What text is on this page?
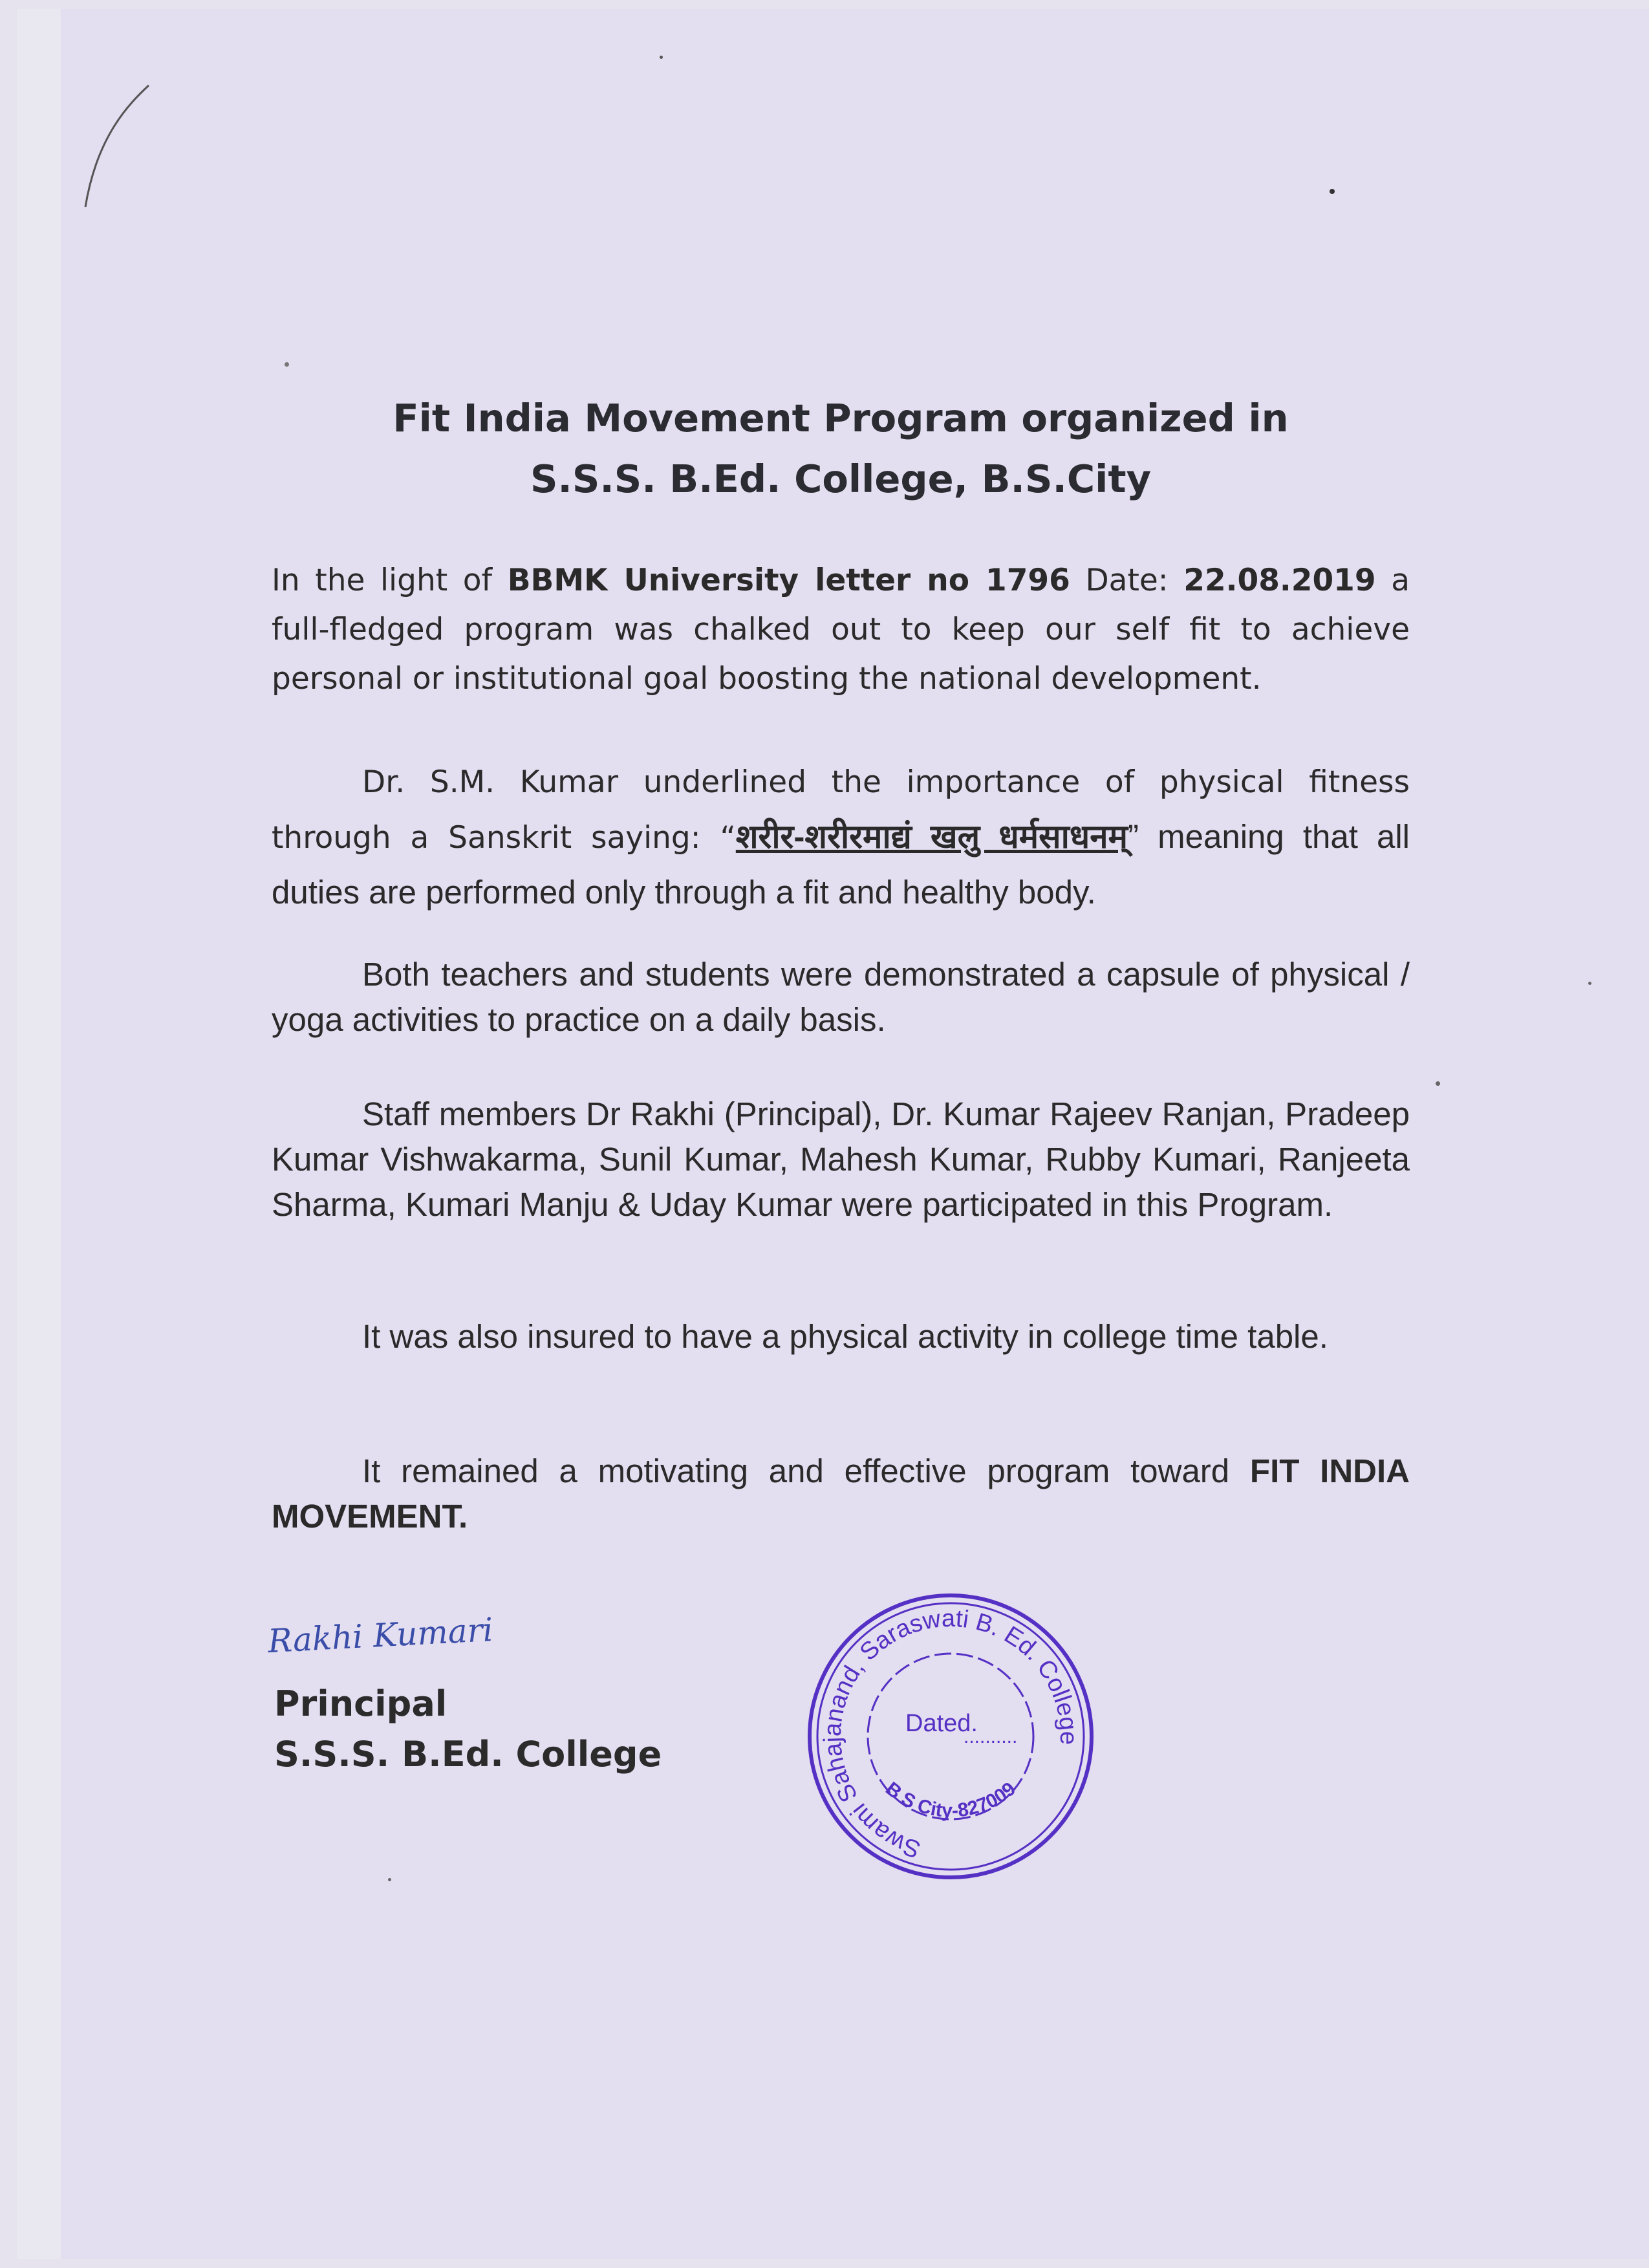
Fit India Movement Program organized in
S.S.S. B.Ed. College, B.S.City

In the light of BBMK University letter no 1796 Date: 22.08.2019 a full-fledged program was chalked out to keep our self fit to achieve personal or institutional goal boosting the national development.

Dr. S.M. Kumar underlined the importance of physical fitness through a Sanskrit saying: “शरीर-शरीरमाद्यं खलु धर्मसाधनम्” meaning that all duties are performed only through a fit and healthy body.

Both teachers and students were demonstrated a capsule of physical / yoga activities to practice on a daily basis.

Staff members Dr Rakhi (Principal), Dr. Kumar Rajeev Ranjan, Pradeep Kumar Vishwakarma, Sunil Kumar, Mahesh Kumar, Rubby Kumari, Ranjeeta Sharma, Kumari Manju & Uday Kumar were participated in this Program.

It was also insured to have a physical activity in college time table.

It remained a motivating and effective program toward FIT INDIA MOVEMENT.

Rakhi Kumari
Principal
S.S.S. B.Ed. College
Swami Sahajanand, Saraswati B. Ed. College
B S City-827009
Dated.
..........
